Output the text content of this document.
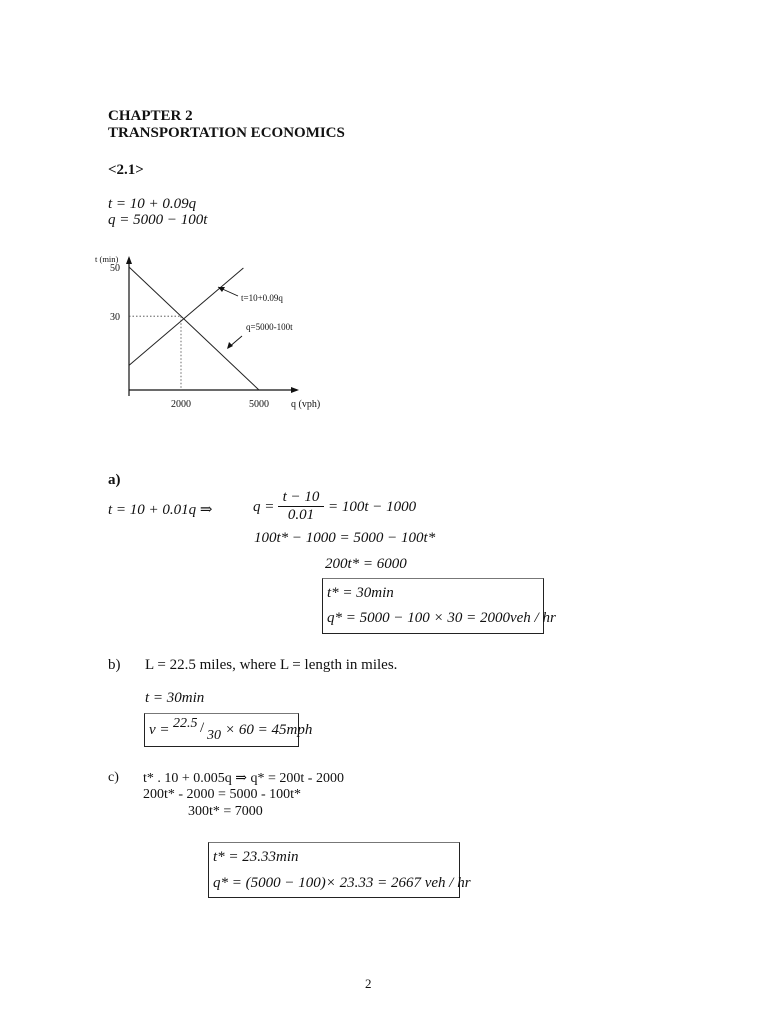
CHAPTER 2
TRANSPORTATION ECONOMICS
<2.1>
t = 10 + 0.09q
q = 5000 − 100t
30
50
2000	5000
t (min)
q (vph)
t=10+0.09q
q=5000-100t
a)
t = 10 + 0.01q ⇒	$q = \frac{t - 10}{0.01} = 100t - 1000$
100t* − 1000 = 5000 − 100t*
200t* = 6000
t* = 30min
q* = 5000 − 100 × 30 = 2000veh / hr
b) L = 22.5 miles, where L = length in miles.
t = 30min
v = 22.5 / 30 × 60 = 45mph
c) t* . 10 + 0.005q ⇒ q* = 200t - 2000
200t* - 2000 = 5000 - 100t*
300t* = 7000
t* = 23.33min
q* = (5000 − 100)× 23.33 = 2667 veh / hr
2
